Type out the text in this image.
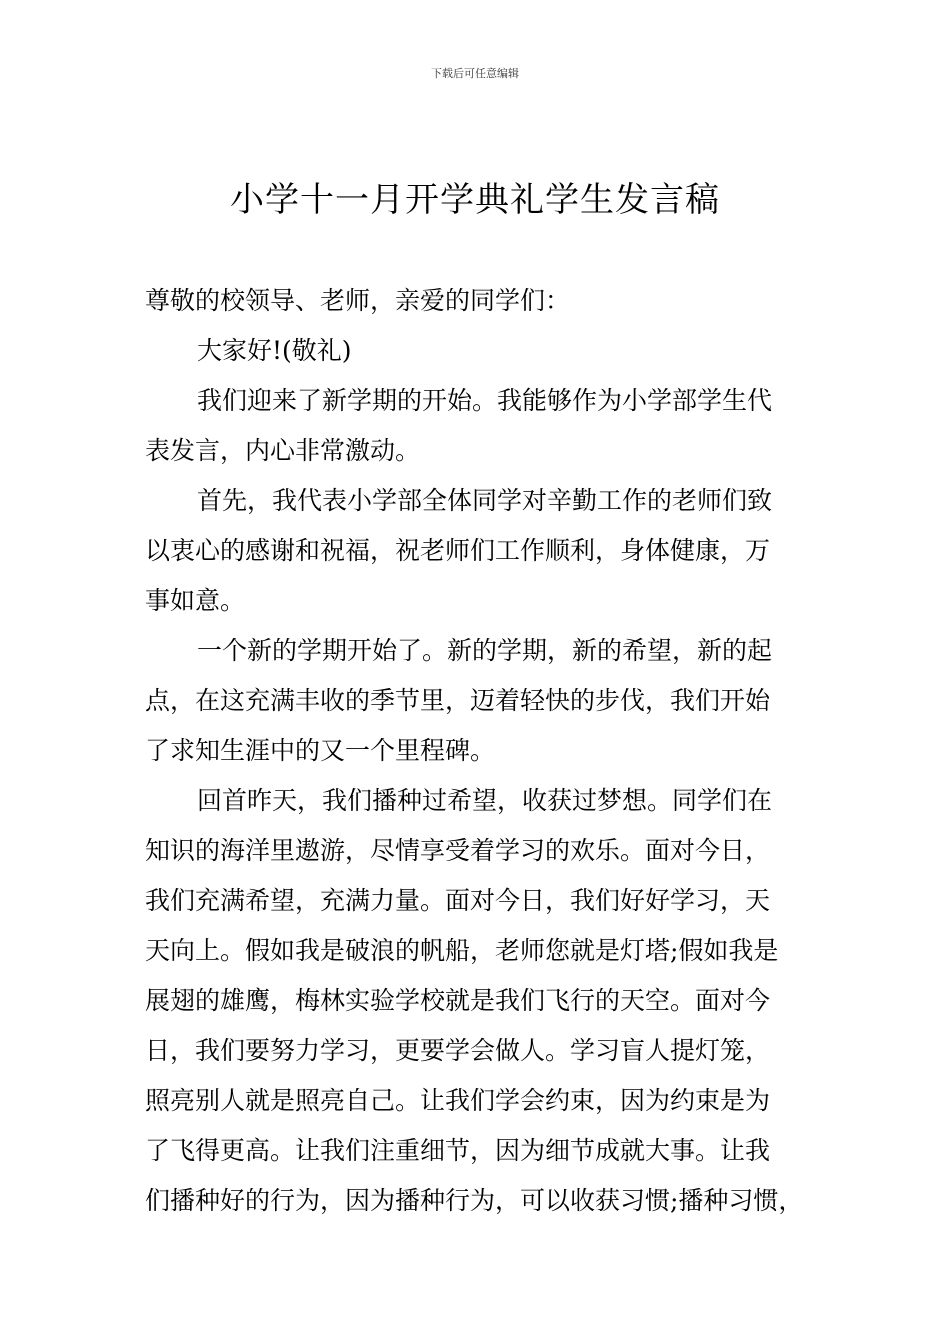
下载后可任意编辑
小学十一月开学典礼学生发言稿

尊敬的校领导、老师，亲爱的同学们：

大家好!(敬礼)

我们迎来了新学期的开始。我能够作为小学部学生代
表发言，内心非常激动。

首先，我代表小学部全体同学对辛勤工作的老师们致
以衷心的感谢和祝福，祝老师们工作顺利，身体健康，万
事如意。

一个新的学期开始了。新的学期，新的希望，新的起
点，在这充满丰收的季节里，迈着轻快的步伐，我们开始
了求知生涯中的又一个里程碑。

回首昨天，我们播种过希望，收获过梦想。同学们在
知识的海洋里遨游，尽情享受着学习的欢乐。面对今日，
我们充满希望，充满力量。面对今日，我们好好学习，天
天向上。假如我是破浪的帆船，老师您就是灯塔;假如我是
展翅的雄鹰，梅林实验学校就是我们飞行的天空。面对今
日，我们要努力学习，更要学会做人。学习盲人提灯笼，
照亮别人就是照亮自己。让我们学会约束，因为约束是为
了飞得更高。让我们注重细节，因为细节成就大事。让我
们播种好的行为，因为播种行为，可以收获习惯;播种习惯，
